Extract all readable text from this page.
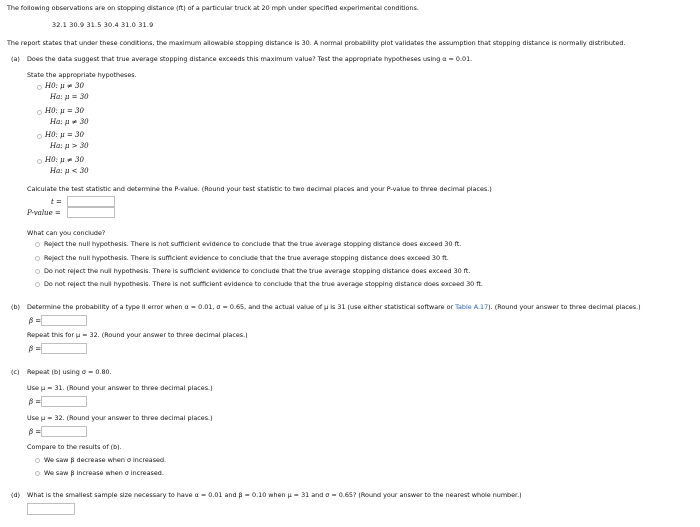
The following observations are on stopping distance (ft) of a particular truck at 20 mph under specified experimental conditions.
32.1 30.9 31.5 30.4 31.0 31.9
The report states that under these conditions, the maximum allowable stopping distance is 30. A normal probability plot validates the assumption that stopping distance is normally distributed.
(a) Does the data suggest that true average stopping distance exceeds this maximum value? Test the appropriate hypotheses using α = 0.01.
State the appropriate hypotheses.
H0: μ ≠ 30
Ha: μ = 30
H0: μ = 30
Ha: μ ≠ 30
H0: μ = 30
Ha: μ > 30
H0: μ ≠ 30
Ha: μ < 30
Calculate the test statistic and determine the P-value. (Round your test statistic to two decimal places and your P-value to three decimal places.)
t =
P-value =
What can you conclude?
Reject the null hypothesis. There is not sufficient evidence to conclude that the true average stopping distance does exceed 30 ft.
Reject the null hypothesis. There is sufficient evidence to conclude that the true average stopping distance does exceed 30 ft.
Do not reject the null hypothesis. There is sufficient evidence to conclude that the true average stopping distance does exceed 30 ft.
Do not reject the null hypothesis. There is not sufficient evidence to conclude that the true average stopping distance does exceed 30 ft.
(b) Determine the probability of a type II error when α = 0.01, σ = 0.65, and the actual value of μ is 31 (use either statistical software or Table A.17). (Round your answer to three decimal places.)
β =
Repeat this for μ = 32. (Round your answer to three decimal places.)
β =
(c) Repeat (b) using σ = 0.80.
Use μ = 31. (Round your answer to three decimal places.)
β =
Use μ = 32. (Round your answer to three decimal places.)
β =
Compare to the results of (b).
We saw β decrease when σ increased.
We saw β increase when σ increased.
(d) What is the smallest sample size necessary to have α = 0.01 and β = 0.10 when μ = 31 and σ = 0.65? (Round your answer to the nearest whole number.)
